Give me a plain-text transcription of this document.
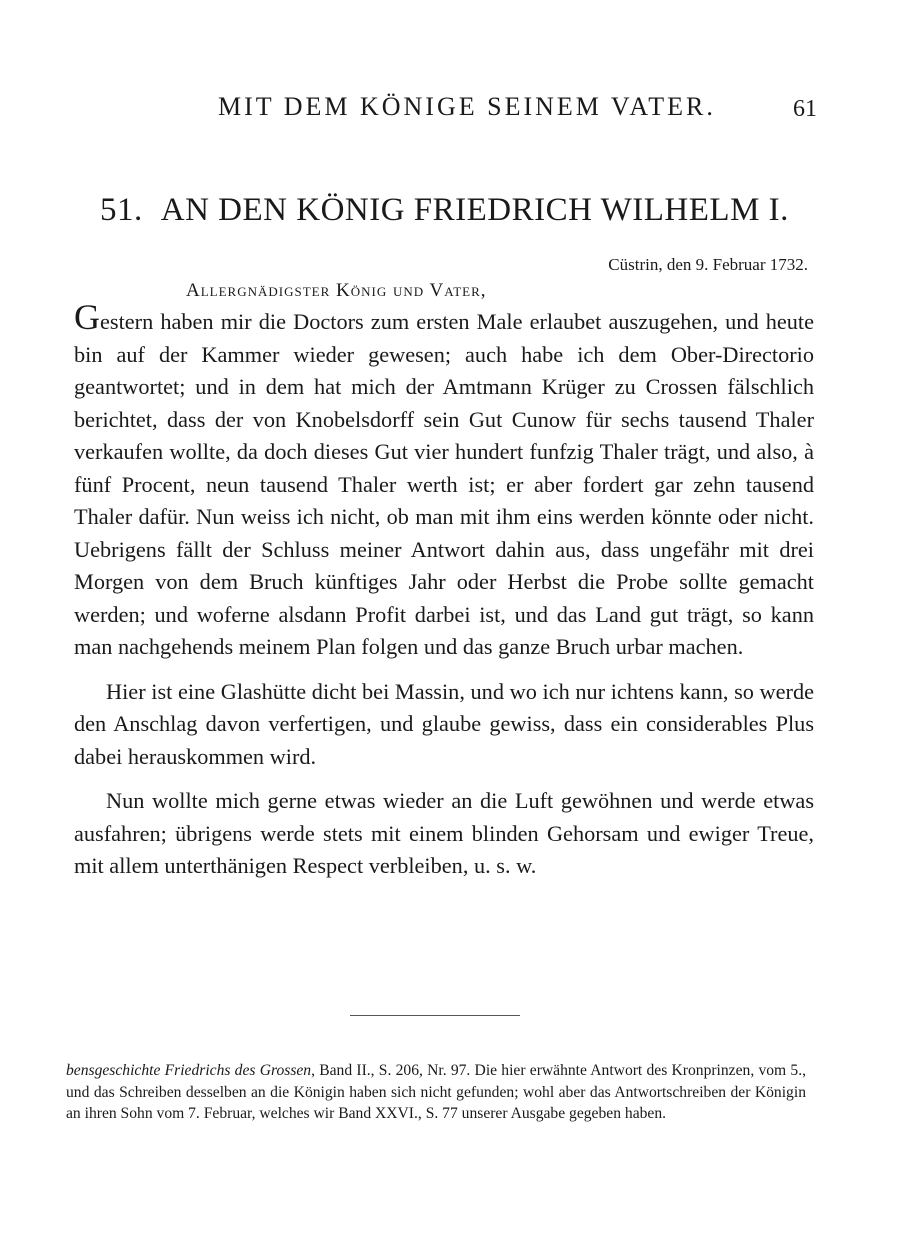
MIT DEM KÖNIGE SEINEM VATER.	61
51. AN DEN KÖNIG FRIEDRICH WILHELM I.
Cüstrin, den 9. Februar 1732.
Allergnädigster König und Vater,

Gestern haben mir die Doctors zum ersten Male erlaubet auszugehen, und heute bin auf der Kammer wieder gewesen; auch habe ich dem Ober-Directorio geantwortet; und in dem hat mich der Amtmann Krüger zu Crossen fälschlich berichtet, dass der von Knobelsdorff sein Gut Cunow für sechs tausend Thaler verkaufen wollte, da doch dieses Gut vier hundert funfzig Thaler trägt, und also, à fünf Procent, neun tausend Thaler werth ist; er aber fordert gar zehn tausend Thaler dafür. Nun weiss ich nicht, ob man mit ihm eins werden könnte oder nicht. Uebrigens fällt der Schluss meiner Antwort dahin aus, dass ungefähr mit drei Morgen von dem Bruch künftiges Jahr oder Herbst die Probe sollte gemacht werden; und woferne alsdann Profit darbei ist, und das Land gut trägt, so kann man nachgehends meinem Plan folgen und das ganze Bruch urbar machen.

Hier ist eine Glashütte dicht bei Massin, und wo ich nur ichtens kann, so werde den Anschlag davon verfertigen, und glaube gewiss, dass ein considerables Plus dabei herauskommen wird.

Nun wollte mich gerne etwas wieder an die Luft gewöhnen und werde etwas ausfahren; übrigens werde stets mit einem blinden Gehorsam und ewiger Treue, mit allem unterthänigen Respect verbleiben, u. s. w.

bensgeschichte Friedrichs des Grossen, Band II., S. 206, Nr. 97. Die hier erwähnte Antwort des Kronprinzen, vom 5., und das Schreiben desselben an die Königin haben sich nicht gefunden; wohl aber das Antwortschreiben der Königin an ihren Sohn vom 7. Februar, welches wir Band XXVI., S. 77 unserer Ausgabe gegeben haben.
